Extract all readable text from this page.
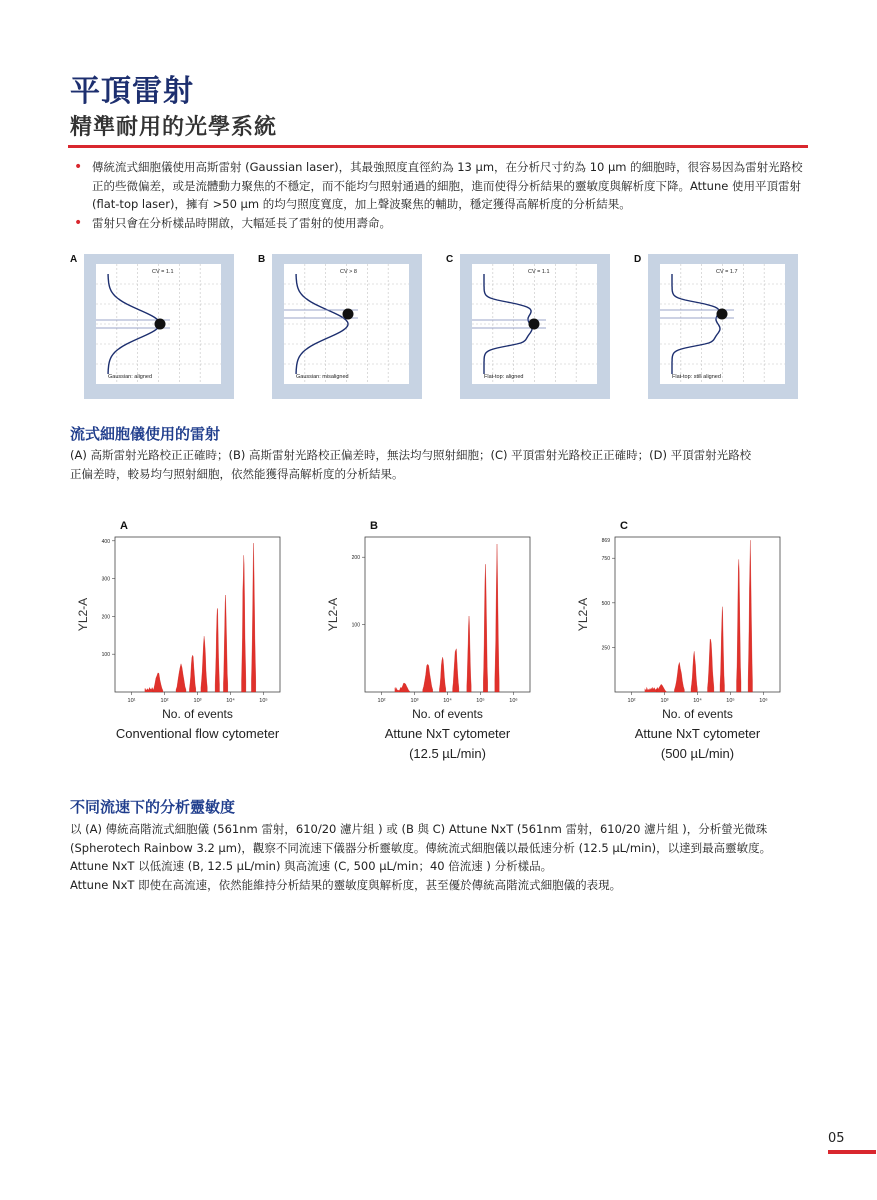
平頂雷射
精準耐用的光學系統
• 傳統流式細胞儀使用高斯雷射 (Gaussian laser)，其最強照度直徑約為 13 µm，在分析尺寸約為 10 µm 的細胞時，很容易因為雷射光路校正的些微偏差，或是流體動力聚焦的不穩定，而不能均勻照射通過的細胞，進而使得分析結果的靈敏度與解析度下降。Attune 使用平頂雷射 (flat-top laser)，擁有 >50 µm 的均勻照度寬度，加上聲波聚焦的輔助，穩定獲得高解析度的分析結果。
• 雷射只會在分析樣品時開啟，大幅延長了雷射的使用壽命。
A
CV = 1.1
Gaussian: aligned
B
CV > 8
Gaussian: misaligned
C
CV = 1.1
Flat-top: aligned
D
CV = 1.7
Flat-top: still aligned
流式細胞儀使用的雷射
(A) 高斯雷射光路校正正確時；(B) 高斯雷射光路校正偏差時，無法均勻照射細胞；(C) 平頂雷射光路校正正確時；(D) 平頂雷射光路校
正偏差時，較易均勻照射細胞，依然能獲得高解析度的分析結果。
A
100
200
300
400
10¹	10²	10³	10⁴	10⁵
YL2-A
No. of events
Conventional flow cytometer
B
100
200
10²	10³	10⁴	10⁵	10⁶
YL2-A
No. of events
Attune NxT cytometer
(12.5 µL/min)
C
250
500
750
869
10²	10³	10⁴	10⁵	10⁶
YL2-A
No. of events
Attune NxT cytometer
(500 µL/min)
不同流速下的分析靈敏度
以 (A) 傳統高階流式細胞儀 (561nm 雷射，610/20 濾片組 ) 或 (B 與 C) Attune NxT (561nm 雷射，610/20 濾片組 )，分析螢光微珠
(Spherotech Rainbow 3.2 µm)，觀察不同流速下儀器分析靈敏度。傳統流式細胞儀以最低速分析 (12.5 µL/min)，以達到最高靈敏度。
Attune NxT 以低流速 (B, 12.5 µL/min) 與高流速 (C, 500 µL/min；40 倍流速 ) 分析樣品。
Attune NxT 即使在高流速，依然能維持分析結果的靈敏度與解析度，甚至優於傳統高階流式細胞儀的表現。
05
